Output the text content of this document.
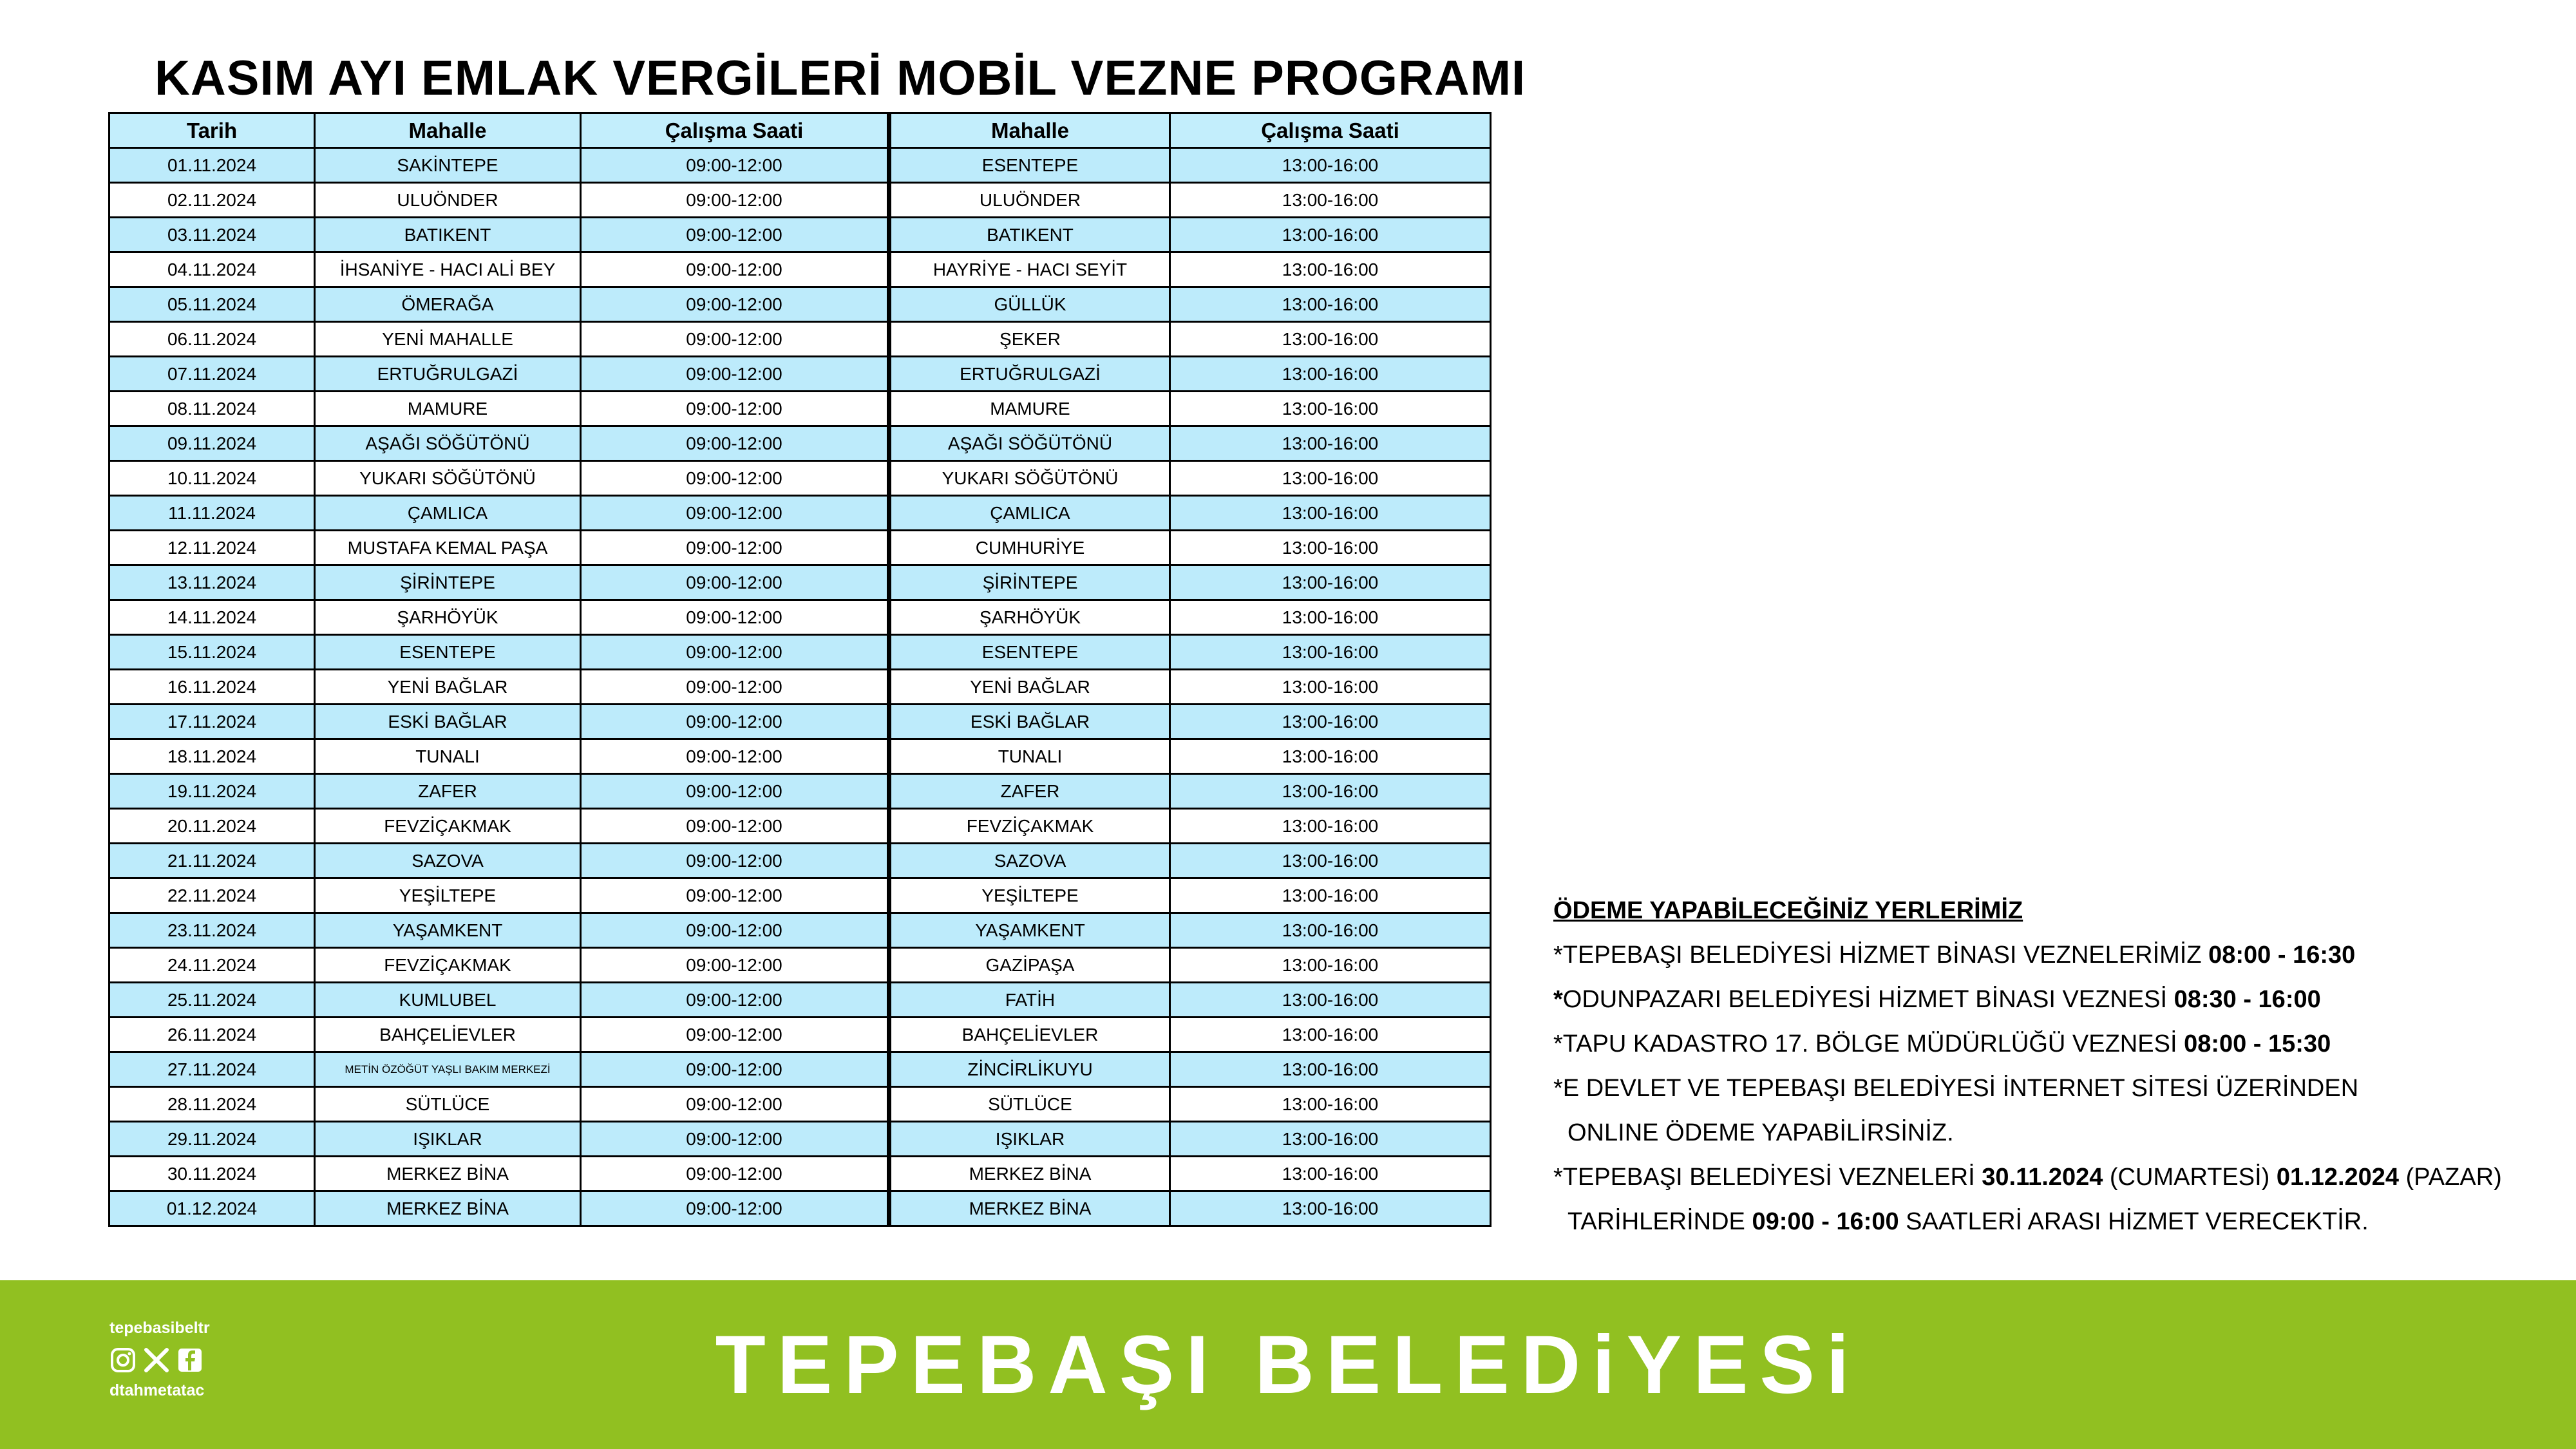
KASIM AYI EMLAK VERGİLERİ MOBİL VEZNE PROGRAMI
Tarih	Mahalle	Çalışma Saati	Mahalle	Çalışma Saati
01.11.2024	SAKİNTEPE	09:00-12:00	ESENTEPE	13:00-16:00
02.11.2024	ULUÖNDER	09:00-12:00	ULUÖNDER	13:00-16:00
03.11.2024	BATIKENT	09:00-12:00	BATIKENT	13:00-16:00
04.11.2024	İHSANİYE - HACI ALİ BEY	09:00-12:00	HAYRİYE - HACI SEYİT	13:00-16:00
05.11.2024	ÖMERAĞA	09:00-12:00	GÜLLÜK	13:00-16:00
06.11.2024	YENİ MAHALLE	09:00-12:00	ŞEKER	13:00-16:00
07.11.2024	ERTUĞRULGAZİ	09:00-12:00	ERTUĞRULGAZİ	13:00-16:00
08.11.2024	MAMURE	09:00-12:00	MAMURE	13:00-16:00
09.11.2024	AŞAĞI SÖĞÜTÖNÜ	09:00-12:00	AŞAĞI SÖĞÜTÖNÜ	13:00-16:00
10.11.2024	YUKARI SÖĞÜTÖNÜ	09:00-12:00	YUKARI SÖĞÜTÖNÜ	13:00-16:00
11.11.2024	ÇAMLICA	09:00-12:00	ÇAMLICA	13:00-16:00
12.11.2024	MUSTAFA KEMAL PAŞA	09:00-12:00	CUMHURİYE	13:00-16:00
13.11.2024	ŞİRİNTEPE	09:00-12:00	ŞİRİNTEPE	13:00-16:00
14.11.2024	ŞARHÖYÜK	09:00-12:00	ŞARHÖYÜK	13:00-16:00
15.11.2024	ESENTEPE	09:00-12:00	ESENTEPE	13:00-16:00
16.11.2024	YENİ BAĞLAR	09:00-12:00	YENİ BAĞLAR	13:00-16:00
17.11.2024	ESKİ BAĞLAR	09:00-12:00	ESKİ BAĞLAR	13:00-16:00
18.11.2024	TUNALI	09:00-12:00	TUNALI	13:00-16:00
19.11.2024	ZAFER	09:00-12:00	ZAFER	13:00-16:00
20.11.2024	FEVZİÇAKMAK	09:00-12:00	FEVZİÇAKMAK	13:00-16:00
21.11.2024	SAZOVA	09:00-12:00	SAZOVA	13:00-16:00
22.11.2024	YEŞİLTEPE	09:00-12:00	YEŞİLTEPE	13:00-16:00
23.11.2024	YAŞAMKENT	09:00-12:00	YAŞAMKENT	13:00-16:00
24.11.2024	FEVZİÇAKMAK	09:00-12:00	GAZİPAŞA	13:00-16:00
25.11.2024	KUMLUBEL	09:00-12:00	FATİH	13:00-16:00
26.11.2024	BAHÇELİEVLER	09:00-12:00	BAHÇELİEVLER	13:00-16:00
27.11.2024	METİN ÖZÖĞÜT YAŞLI BAKIM MERKEZİ	09:00-12:00	ZİNCİRLİKUYU	13:00-16:00
28.11.2024	SÜTLÜCE	09:00-12:00	SÜTLÜCE	13:00-16:00
29.11.2024	IŞIKLAR	09:00-12:00	IŞIKLAR	13:00-16:00
30.11.2024	MERKEZ BİNA	09:00-12:00	MERKEZ BİNA	13:00-16:00
01.12.2024	MERKEZ BİNA	09:00-12:00	MERKEZ BİNA	13:00-16:00
ÖDEME YAPABİLECEĞİNİZ YERLERİMİZ
*TEPEBAŞI BELEDİYESİ HİZMET BİNASI VEZNELERİMİZ 08:00 - 16:30
*ODUNPAZARI BELEDİYESİ HİZMET BİNASI VEZNESİ 08:30 - 16:00
*TAPU KADASTRO 17. BÖLGE MÜDÜRLÜĞÜ VEZNESİ 08:00 - 15:30
*E DEVLET VE TEPEBAŞI BELEDİYESİ İNTERNET SİTESİ ÜZERİNDEN
ONLINE ÖDEME YAPABİLİRSİNİZ.
*TEPEBAŞI BELEDİYESİ VEZNELERİ 30.11.2024 (CUMARTESİ) 01.12.2024 (PAZAR)
TARİHLERİNDE 09:00 - 16:00 SAATLERİ ARASI HİZMET VERECEKTİR.
tepebasibeltr
dtahmetatac	TEPEBAŞI BELEDiYESi
